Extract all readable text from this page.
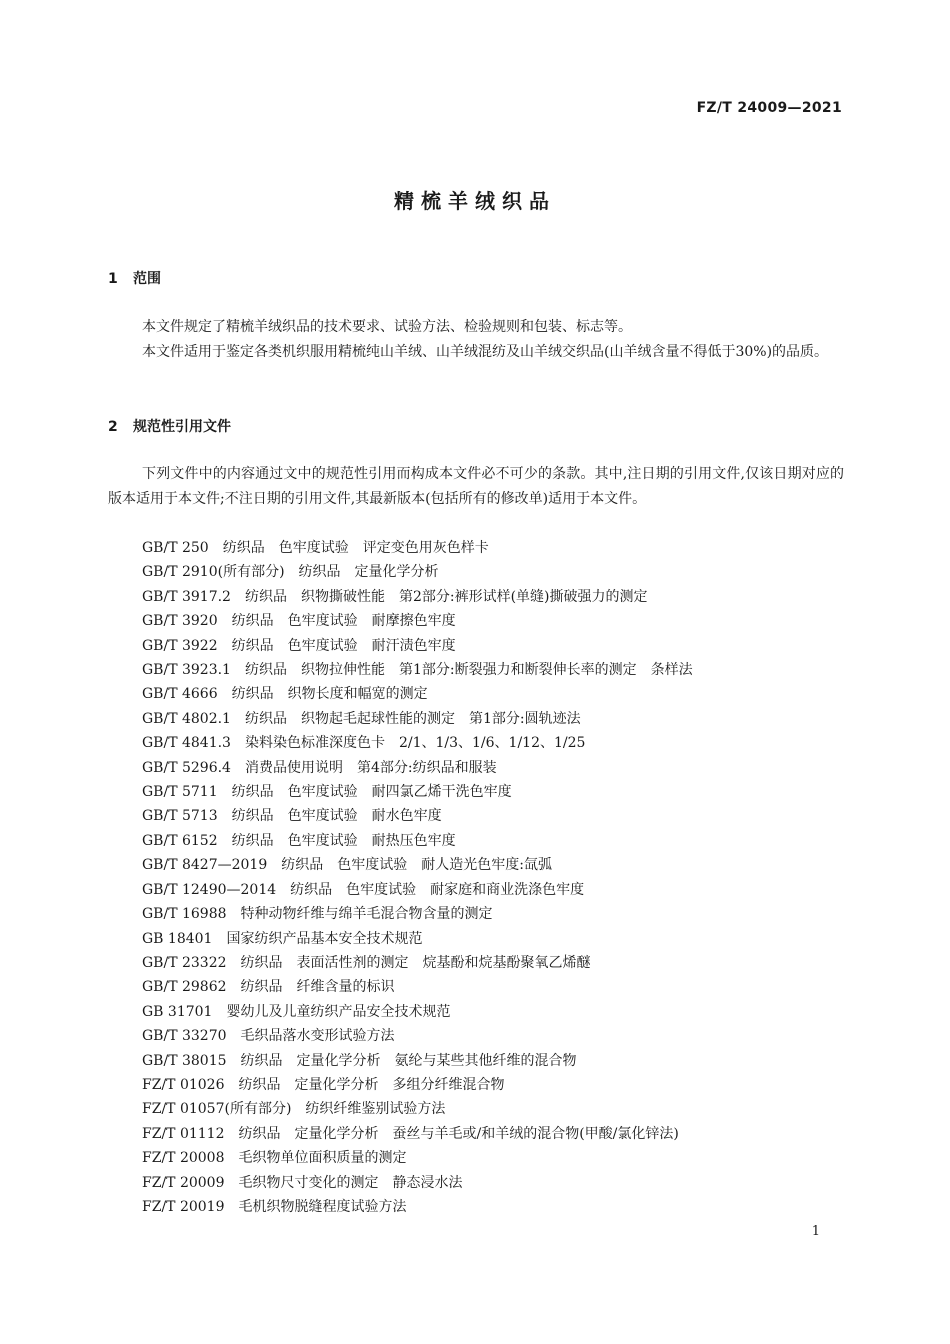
FZ/T 24009—2021
精梳羊绒织品
1 范围
本文件规定了精梳羊绒织品的技术要求、试验方法、检验规则和包装、标志等。
本文件适用于鉴定各类机织服用精梳纯山羊绒、山羊绒混纺及山羊绒交织品(山羊绒含量不得低于30%)的品质。
2 规范性引用文件
下列文件中的内容通过文中的规范性引用而构成本文件必不可少的条款。其中,注日期的引用文件,仅该日期对应的版本适用于本文件;不注日期的引用文件,其最新版本(包括所有的修改单)适用于本文件。
GB/T 250　纺织品　色牢度试验　评定变色用灰色样卡
GB/T 2910(所有部分)　纺织品　定量化学分析
GB/T 3917.2　纺织品　织物撕破性能　第2部分:裤形试样(单缝)撕破强力的测定
GB/T 3920　纺织品　色牢度试验　耐摩擦色牢度
GB/T 3922　纺织品　色牢度试验　耐汗渍色牢度
GB/T 3923.1　纺织品　织物拉伸性能　第1部分:断裂强力和断裂伸长率的测定　条样法
GB/T 4666　纺织品　织物长度和幅宽的测定
GB/T 4802.1　纺织品　织物起毛起球性能的测定　第1部分:圆轨迹法
GB/T 4841.3　染料染色标准深度色卡　2/1、1/3、1/6、1/12、1/25
GB/T 5296.4　消费品使用说明　第4部分:纺织品和服装
GB/T 5711　纺织品　色牢度试验　耐四氯乙烯干洗色牢度
GB/T 5713　纺织品　色牢度试验　耐水色牢度
GB/T 6152　纺织品　色牢度试验　耐热压色牢度
GB/T 8427—2019　纺织品　色牢度试验　耐人造光色牢度:氙弧
GB/T 12490—2014　纺织品　色牢度试验　耐家庭和商业洗涤色牢度
GB/T 16988　特种动物纤维与绵羊毛混合物含量的测定
GB 18401　国家纺织产品基本安全技术规范
GB/T 23322　纺织品　表面活性剂的测定　烷基酚和烷基酚聚氧乙烯醚
GB/T 29862　纺织品　纤维含量的标识
GB 31701　婴幼儿及儿童纺织产品安全技术规范
GB/T 33270　毛织品落水变形试验方法
GB/T 38015　纺织品　定量化学分析　氨纶与某些其他纤维的混合物
FZ/T 01026　纺织品　定量化学分析　多组分纤维混合物
FZ/T 01057(所有部分)　纺织纤维鉴别试验方法
FZ/T 01112　纺织品　定量化学分析　蚕丝与羊毛或/和羊绒的混合物(甲酸/氯化锌法)
FZ/T 20008　毛织物单位面积质量的测定
FZ/T 20009　毛织物尺寸变化的测定　静态浸水法
FZ/T 20019　毛机织物脱缝程度试验方法
1
